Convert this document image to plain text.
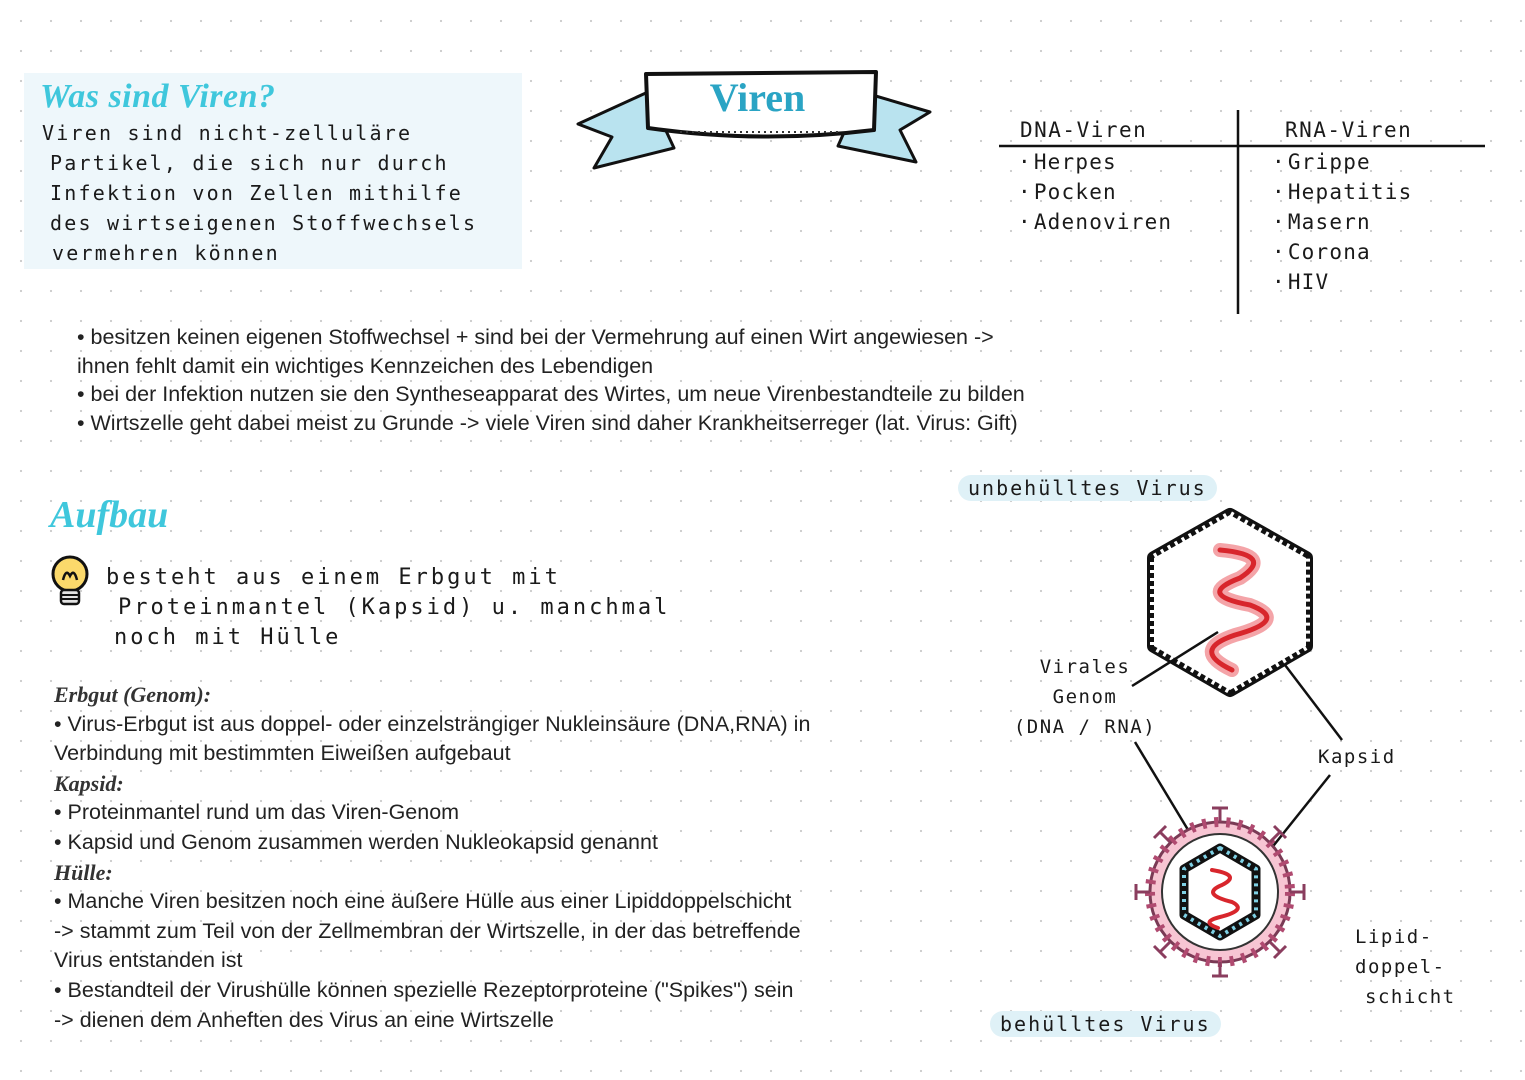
Was sind Viren?
Viren sind nicht-zelluläre
Partikel, die sich nur durch
Infektion von Zellen mithilfe
des wirtseigenen Stoffwechsels
vermehren können
Viren
DNA-Viren	RNA-Viren
· Herpes
· Pocken
· Adenoviren
· Grippe
· Hepatitis
· Masern
· Corona
· HIV
• besitzen keinen eigenen Stoffwechsel + sind bei der Vermehrung auf einen Wirt angewiesen ->
ihnen fehlt damit ein wichtiges Kennzeichen des Lebendigen
• bei der Infektion nutzen sie den Syntheseapparat des Wirtes, um neue Virenbestandteile zu bilden
• Wirtszelle geht dabei meist zu Grunde -> viele Viren sind daher Krankheitserreger (lat. Virus: Gift)
Aufbau
besteht aus einem Erbgut mit
Proteinmantel (Kapsid) u. manchmal
noch mit Hülle
Erbgut (Genom):
• Virus-Erbgut ist aus doppel- oder einzelsträngiger Nukleinsäure (DNA,RNA) in
Verbindung mit bestimmten Eiweißen aufgebaut
Kapsid:
• Proteinmantel rund um das Viren-Genom
• Kapsid und Genom zusammen werden Nukleokapsid genannt
Hülle:
• Manche Viren besitzen noch eine äußere Hülle aus einer Lipiddoppelschicht
-> stammt zum Teil von der Zellmembran der Wirtszelle, in der das betreffende
Virus entstanden ist
• Bestandteil der Virushülle können spezielle Rezeptorproteine ("Spikes") sein
-> dienen dem Anheften des Virus an eine Wirtszelle
unbehülltes Virus
behülltes Virus
Virales
Genom
(DNA / RNA)
Kapsid
Lipid-
doppel-
schicht
